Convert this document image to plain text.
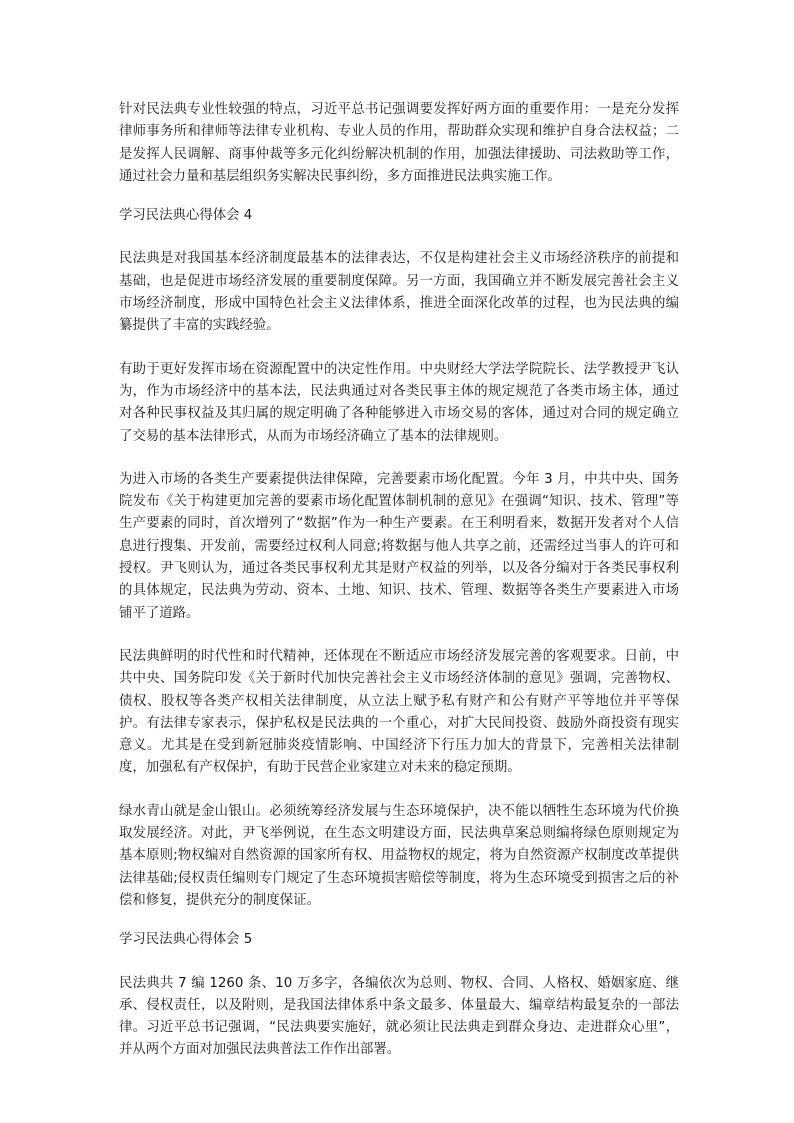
针对民法典专业性较强的特点，习近平总书记强调要发挥好两方面的重要作用：一是充分发挥律师事务所和律师等法律专业机构、专业人员的作用，帮助群众实现和维护自身合法权益；二是发挥人民调解、商事仲裁等多元化纠纷解决机制的作用，加强法律援助、司法救助等工作，通过社会力量和基层组织务实解决民事纠纷，多方面推进民法典实施工作。

学习民法典心得体会 4

民法典是对我国基本经济制度最基本的法律表达，不仅是构建社会主义市场经济秩序的前提和基础，也是促进市场经济发展的重要制度保障。另一方面，我国确立并不断发展完善社会主义市场经济制度，形成中国特色社会主义法律体系，推进全面深化改革的过程，也为民法典的编纂提供了丰富的实践经验。

有助于更好发挥市场在资源配置中的决定性作用。中央财经大学法学院院长、法学教授尹飞认为，作为市场经济中的基本法，民法典通过对各类民事主体的规定规范了各类市场主体，通过对各种民事权益及其归属的规定明确了各种能够进入市场交易的客体，通过对合同的规定确立了交易的基本法律形式，从而为市场经济确立了基本的法律规则。

为进入市场的各类生产要素提供法律保障，完善要素市场化配置。今年 3 月，中共中央、国务院发布《关于构建更加完善的要素市场化配置体制机制的意见》在强调“知识、技术、管理”等生产要素的同时，首次增列了“数据”作为一种生产要素。在王利明看来，数据开发者对个人信息进行搜集、开发前，需要经过权利人同意;将数据与他人共享之前，还需经过当事人的许可和授权。尹飞则认为，通过各类民事权利尤其是财产权益的列举，以及各分编对于各类民事权利的具体规定，民法典为劳动、资本、土地、知识、技术、管理、数据等各类生产要素进入市场铺平了道路。

民法典鲜明的时代性和时代精神，还体现在不断适应市场经济发展完善的客观要求。日前，中共中央、国务院印发《关于新时代加快完善社会主义市场经济体制的意见》强调，完善物权、债权、股权等各类产权相关法律制度，从立法上赋予私有财产和公有财产平等地位并平等保护。有法律专家表示，保护私权是民法典的一个重心，对扩大民间投资、鼓励外商投资有现实意义。尤其是在受到新冠肺炎疫情影响、中国经济下行压力加大的背景下，完善相关法律制度，加强私有产权保护，有助于民营企业家建立对未来的稳定预期。

绿水青山就是金山银山。必须统筹经济发展与生态环境保护，决不能以牺牲生态环境为代价换取发展经济。对此，尹飞举例说，在生态文明建设方面，民法典草案总则编将绿色原则规定为基本原则;物权编对自然资源的国家所有权、用益物权的规定，将为自然资源产权制度改革提供法律基础;侵权责任编则专门规定了生态环境损害赔偿等制度，将为生态环境受到损害之后的补偿和修复，提供充分的制度保证。

学习民法典心得体会 5

民法典共 7 编 1260 条、10 万多字，各编依次为总则、物权、合同、人格权、婚姻家庭、继承、侵权责任，以及附则，是我国法律体系中条文最多、体量最大、编章结构最复杂的一部法律。习近平总书记强调，“民法典要实施好，就必须让民法典走到群众身边、走进群众心里”，并从两个方面对加强民法典普法工作作出部署。
